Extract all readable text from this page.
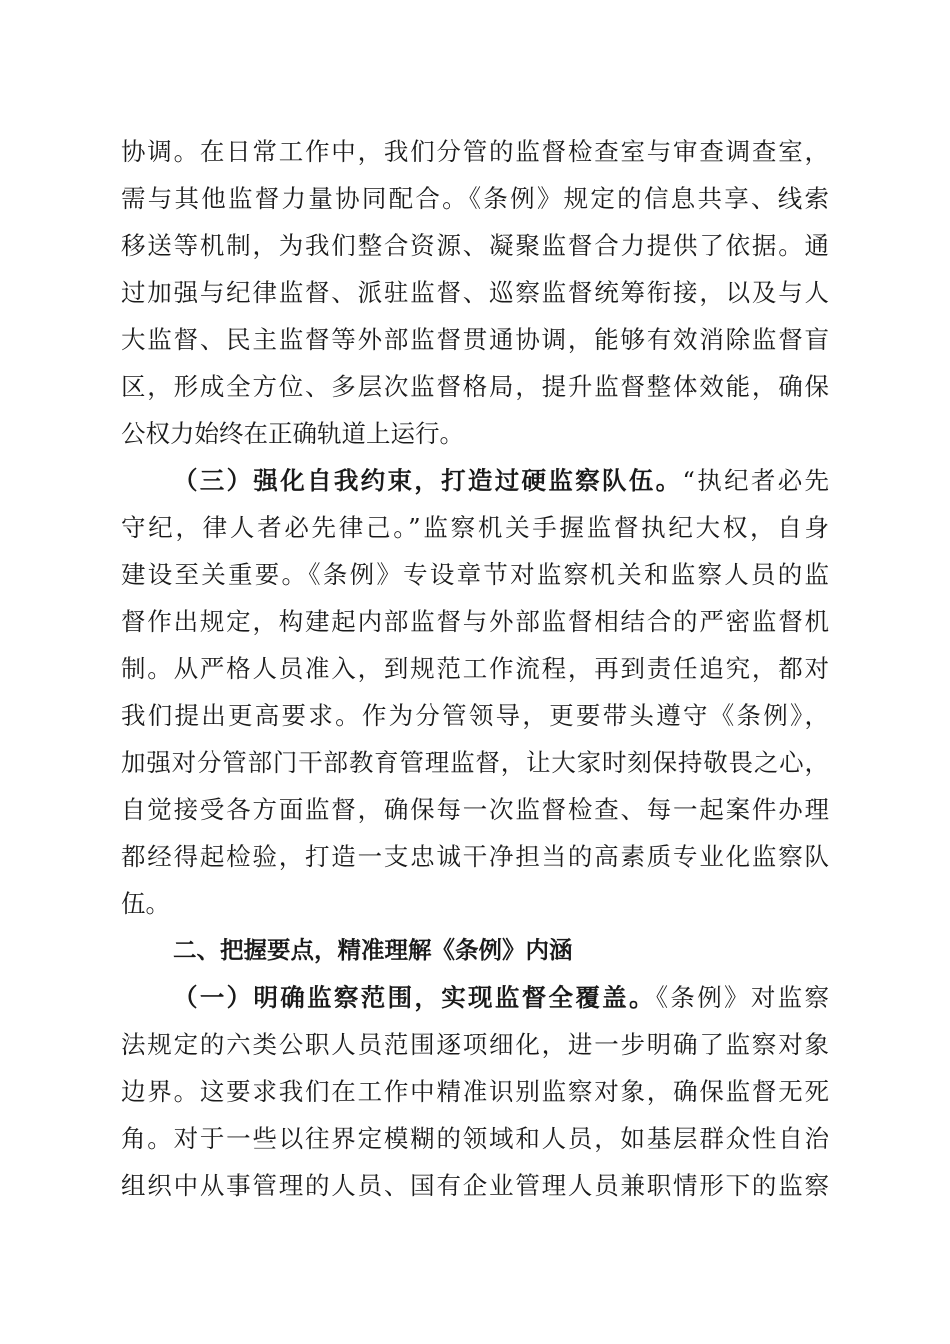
协调。在日常工作中，我们分管的监督检查室与审查调查室，
需与其他监督力量协同配合。《条例》规定的信息共享、线索
移送等机制，为我们整合资源、凝聚监督合力提供了依据。通
过加强与纪律监督、派驻监督、巡察监督统筹衔接，以及与人
大监督、民主监督等外部监督贯通协调，能够有效消除监督盲
区，形成全方位、多层次监督格局，提升监督整体效能，确保
公权力始终在正确轨道上运行。
（三）强化自我约束，打造过硬监察队伍。“执纪者必先
守纪，律人者必先律己。”监察机关手握监督执纪大权，自身
建设至关重要。《条例》专设章节对监察机关和监察人员的监
督作出规定，构建起内部监督与外部监督相结合的严密监督机
制。从严格人员准入，到规范工作流程，再到责任追究，都对
我们提出更高要求。作为分管领导，更要带头遵守《条例》，
加强对分管部门干部教育管理监督，让大家时刻保持敬畏之心，
自觉接受各方面监督，确保每一次监督检查、每一起案件办理
都经得起检验，打造一支忠诚干净担当的高素质专业化监察队
伍。
二、把握要点，精准理解《条例》内涵
（一）明确监察范围，实现监督全覆盖。《条例》对监察
法规定的六类公职人员范围逐项细化，进一步明确了监察对象
边界。这要求我们在工作中精准识别监察对象，确保监督无死
角。对于一些以往界定模糊的领域和人员，如基层群众性自治
组织中从事管理的人员、国有企业管理人员兼职情形下的监察
